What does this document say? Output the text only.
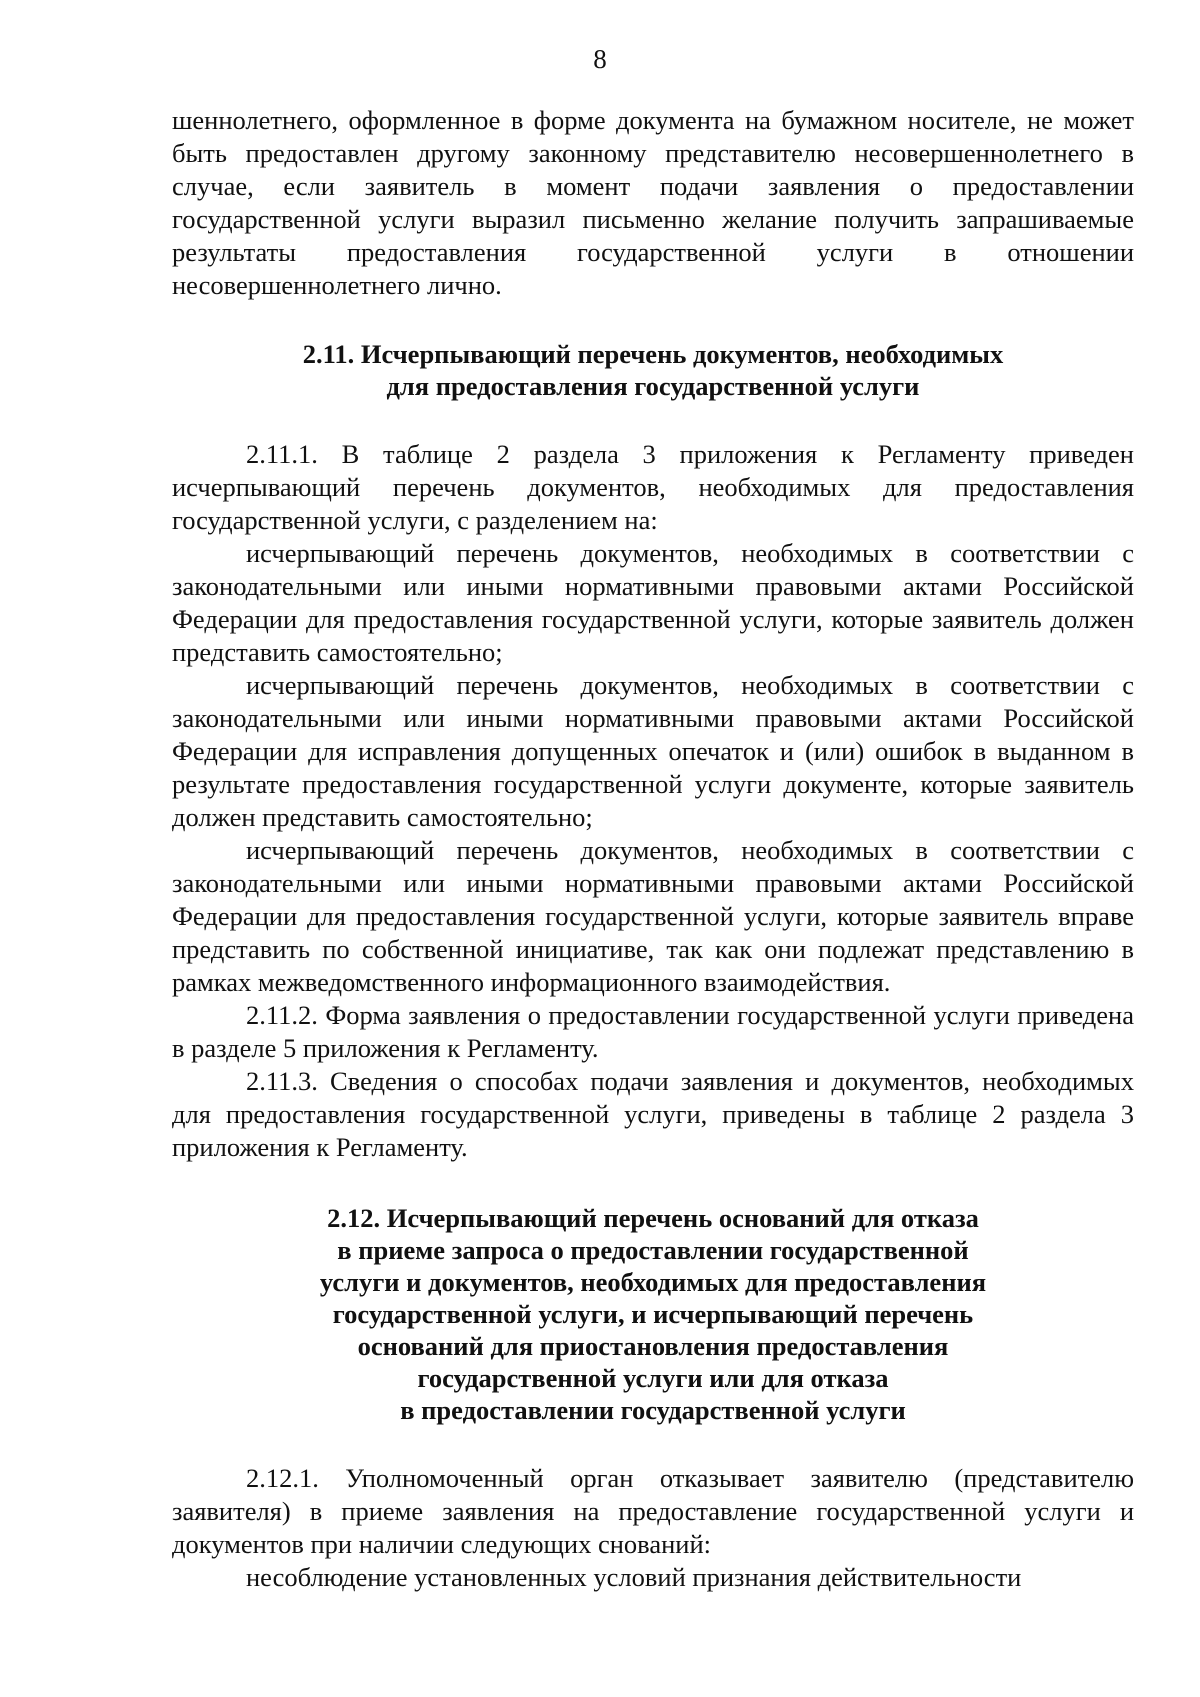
8

шеннолетнего, оформленное в форме документа на бумажном носителе, не может быть предоставлен другому законному представителю несовершеннолетнего в случае, если заявитель в момент подачи заявления о предоставлении государственной услуги выразил письменно желание получить запрашиваемые результаты предоставления государственной услуги в отношении несовершеннолетнего лично.

2.11. Исчерпывающий перечень документов, необходимых
для предоставления государственной услуги

2.11.1. В таблице 2 раздела 3 приложения к Регламенту приведен исчерпывающий перечень документов, необходимых для предоставления государственной услуги, с разделением на:

исчерпывающий перечень документов, необходимых в соответствии с законодательными или иными нормативными правовыми актами Российской Федерации для предоставления государственной услуги, которые заявитель должен представить самостоятельно;

исчерпывающий перечень документов, необходимых в соответствии с законодательными или иными нормативными правовыми актами Российской Федерации для исправления допущенных опечаток и (или) ошибок в выданном в результате предоставления государственной услуги документе, которые заявитель должен представить самостоятельно;

исчерпывающий перечень документов, необходимых в соответствии с законодательными или иными нормативными правовыми актами Российской Федерации для предоставления государственной услуги, которые заявитель вправе представить по собственной инициативе, так как они подлежат представлению в рамках межведомственного информационного взаимодействия.

2.11.2. Форма заявления о предоставлении государственной услуги приведена в разделе 5 приложения к Регламенту.

2.11.3. Сведения о способах подачи заявления и документов, необходимых для предоставления государственной услуги, приведены в таблице 2 раздела 3 приложения к Регламенту.

2.12. Исчерпывающий перечень оснований для отказа
в приеме запроса о предоставлении государственной
услуги и документов, необходимых для предоставления
государственной услуги, и исчерпывающий перечень
оснований для приостановления предоставления
государственной услуги или для отказа
в предоставлении государственной услуги

2.12.1. Уполномоченный орган отказывает заявителю (представителю заявителя) в приеме заявления на предоставление государственной услуги и документов при наличии следующих снований:

несоблюдение установленных условий признания действительности
